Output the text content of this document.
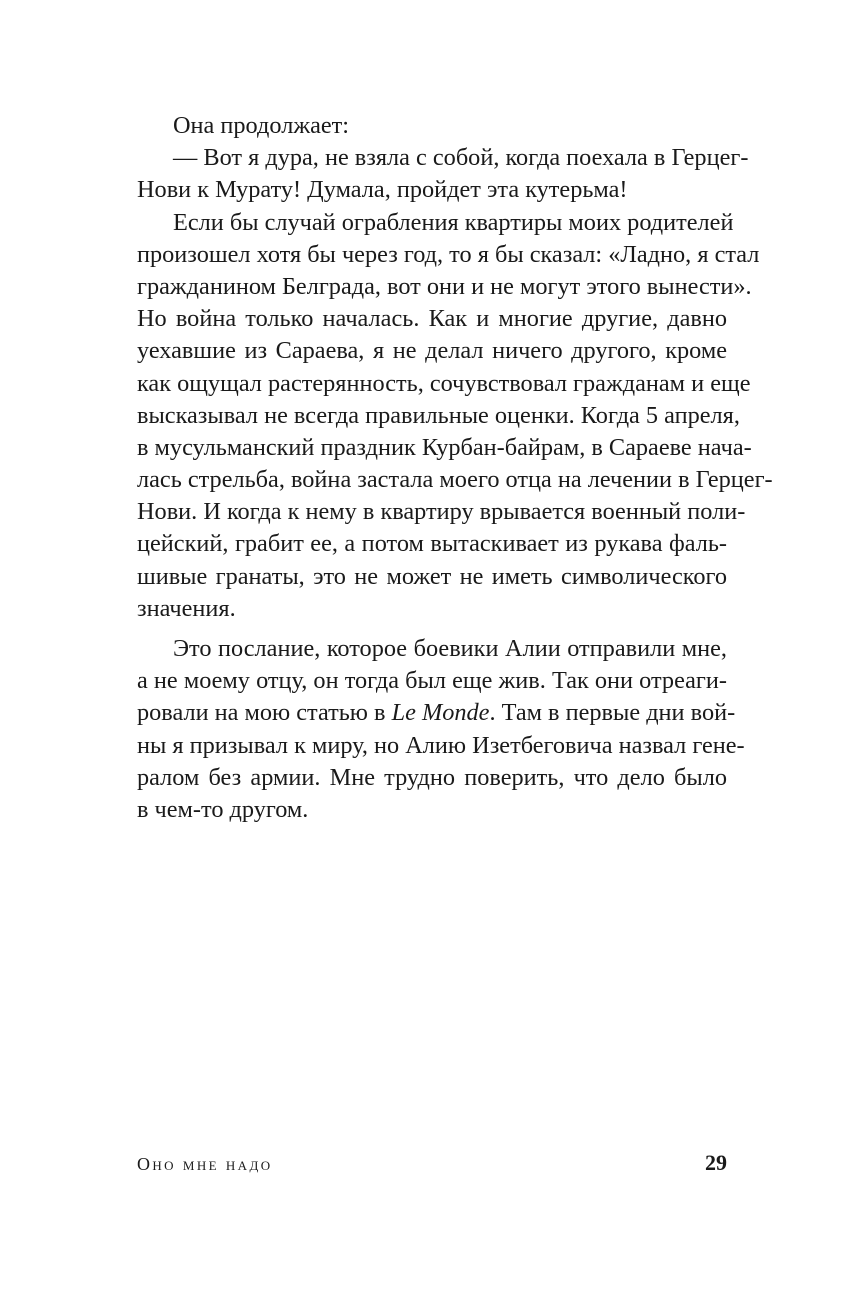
Она продолжает:
— Вот я дура, не взяла с собой, когда поехала в Герцег-
Нови к Мурату! Думала, пройдет эта кутерьма!
Если бы случай ограбления квартиры моих родителей
произошел хотя бы через год, то я бы сказал: «Ладно, я стал
гражданином Белграда, вот они и не могут этого вынести».
Но война только началась. Как и многие другие, давно
уехавшие из Сараева, я не делал ничего другого, кроме
как ощущал растерянность, сочувствовал гражданам и еще
высказывал не всегда правильные оценки. Когда 5 апреля,
в мусульманский праздник Курбан-байрам, в Сараеве нача-
лась стрельба, война застала моего отца на лечении в Герцег-
Нови. И когда к нему в квартиру врывается военный поли-
цейский, грабит ее, а потом вытаскивает из рукава фаль-
шивые гранаты, это не может не иметь символического
значения.
Это послание, которое боевики Алии отправили мне,
а не моему отцу, он тогда был еще жив. Так они отреаги-
ровали на мою статью в Le Monde. Там в первые дни вой-
ны я призывал к миру, но Алию Изетбеговича назвал гене-
ралом без армии. Мне трудно поверить, что дело было
в чем-то другом.
Оно мне надо	29
